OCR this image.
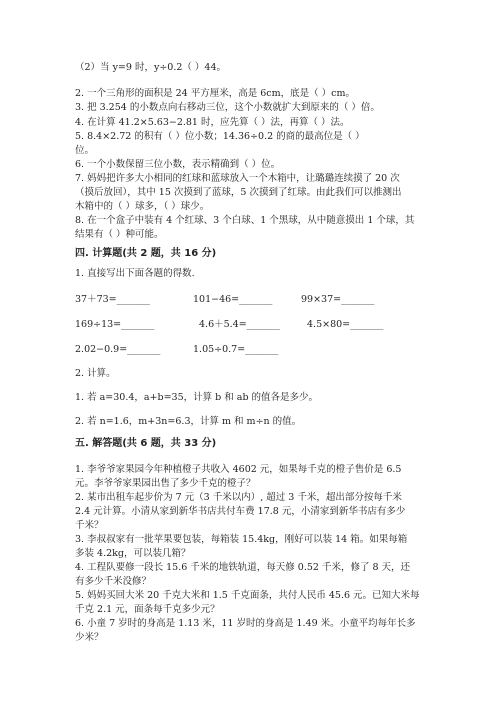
（2）当 y=9 时，y÷0.2（ ）44。
2. 一个三角形的面积是 24 平方厘米，高是 6cm，底是（ ）cm。
3. 把 3.254 的小数点向右移动三位，这个小数就扩大到原来的（ ）倍。
4. 在计算 41.2×5.63−2.81 时，应先算（ ）法，再算（ ）法。
5. 8.4×2.72 的积有（ ）位小数；14.36÷0.2 的商的最高位是（ ）
位。
6. 一个小数保留三位小数，表示精确到（ ）位。
7. 妈妈把许多大小相同的红球和蓝球放入一个木箱中，让璐璐连续摸了 20 次
（摸后放回），其中 15 次摸到了蓝球，5 次摸到了红球。由此我们可以推测出
木箱中的（ ）球多，（ ）球少。
8. 在一个盒子中装有 4 个红球、3 个白球、1 个黑球，从中随意摸出 1 个球，其
结果有（ ）种可能。
四. 计算题(共 2 题，共 16 分)
1. 直接写出下面各题的得数.
37＋73=_______	101−46=_______	99×37=_______
169÷13=_______	4.6＋5.4=_______	4.5×80=_______
2.02−0.9=_______	1.05÷0.7=_______
2. 计算。
1. 若 a=30.4，a+b=35，计算 b 和 ab 的值各是多少。
2. 若 n=1.6，m+3n=6.3，计算 m 和 m÷n 的值。
五. 解答题(共 6 题，共 33 分)
1. 李爷爷家果园今年种植橙子共收入 4602 元，如果每千克的橙子售价是 6.5
元。李爷爷家果园出售了多少千克的橙子？
2. 某市出租车起步价为 7 元（3 千米以内）, 超过 3 千米，超出部分按每千米
2.4 元计算。小清从家到新华书店共付车费 17.8 元，小清家到新华书店有多少
千米？
3. 李叔叔家有一批苹果要包装，每箱装 15.4kg，刚好可以装 14 箱。如果每箱
多装 4.2kg，可以装几箱？
4. 工程队要修一段长 15.6 千米的地铁轨道，每天修 0.52 千米，修了 8 天，还
有多少千米没修？
5. 妈妈买回大米 20 千克大米和 1.5 千克面条，共付人民币 45.6 元。已知大米每
千克 2.1 元，面条每千克多少元？
6. 小童 7 岁时的身高是 1.13 米，11 岁时的身高是 1.49 米。小童平均每年长多
少米？
